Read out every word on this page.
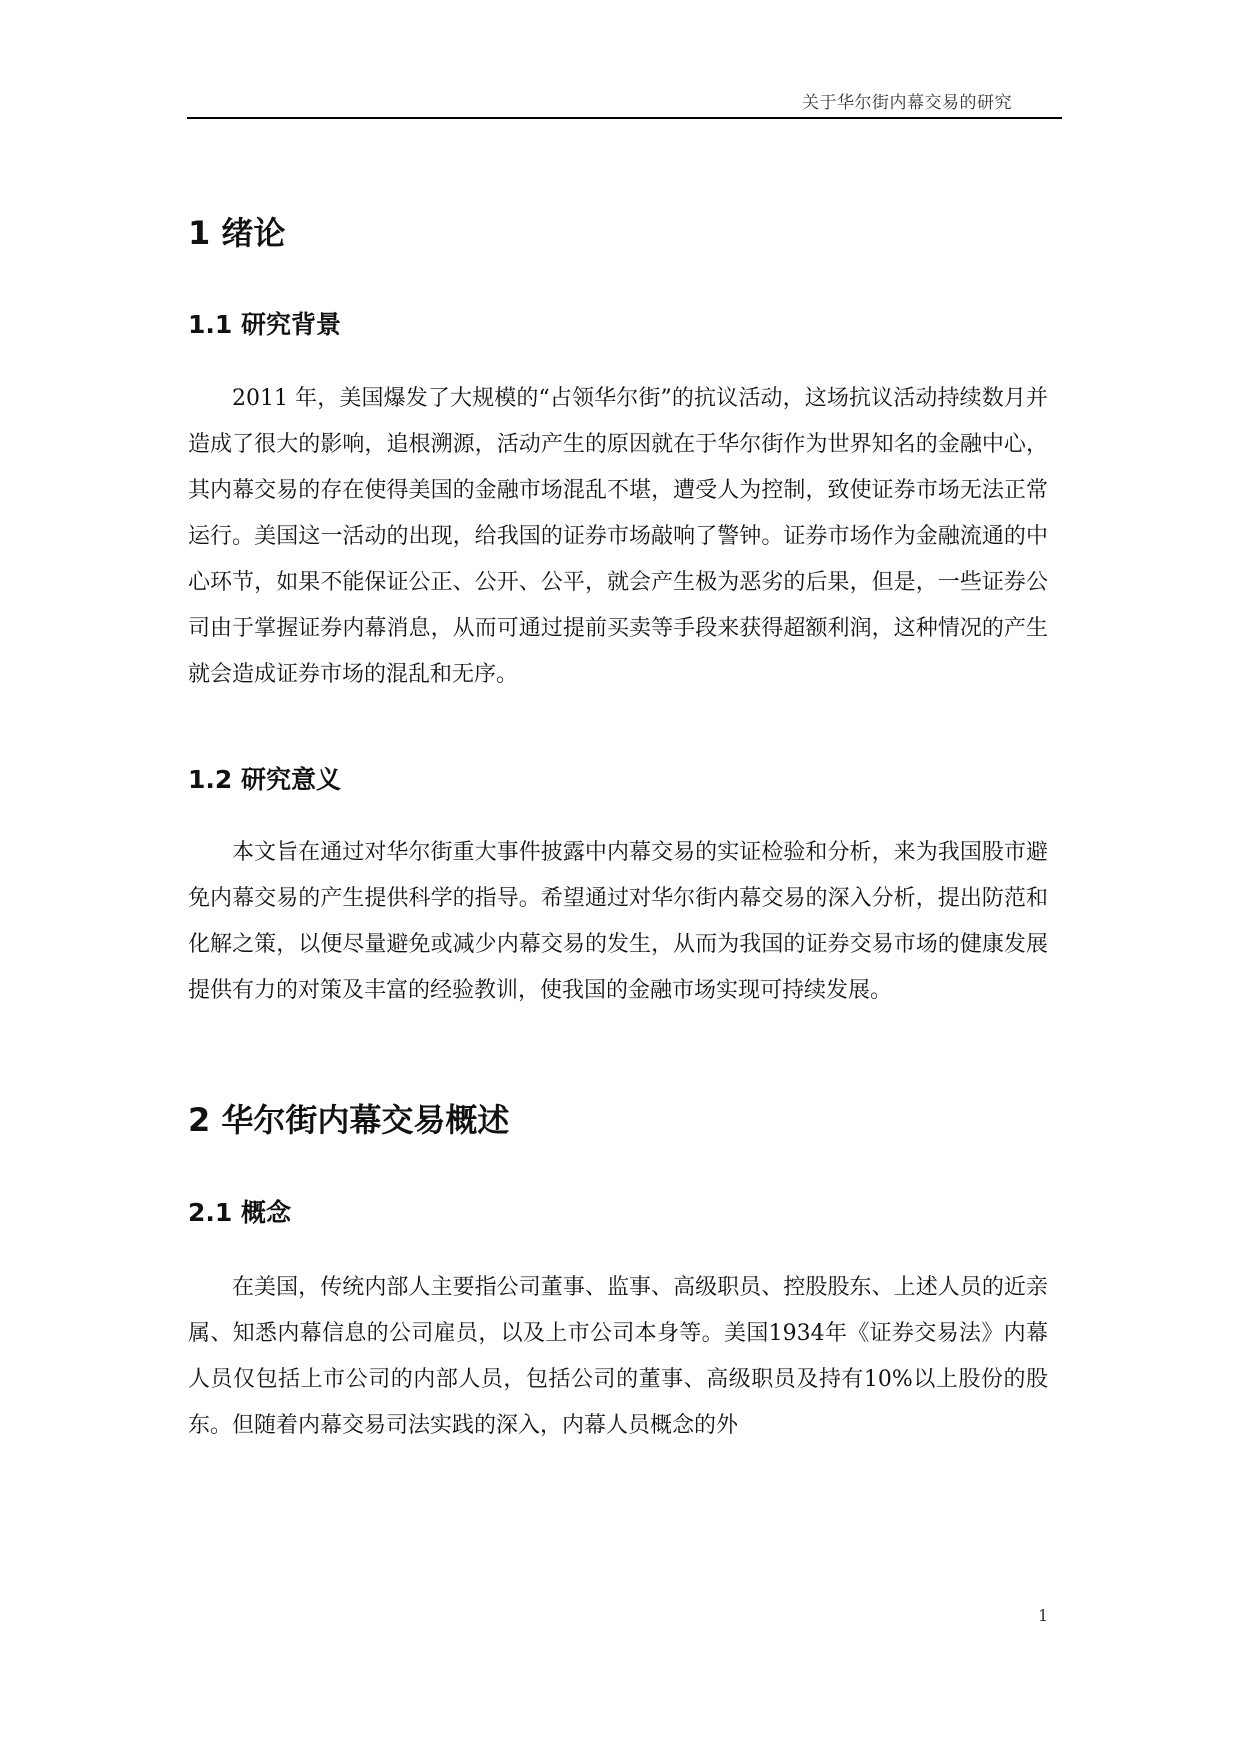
关于华尔街内幕交易的研究
1 绪论
1.1 研究背景

2011 年，美国爆发了大规模的“占领华尔街”的抗议活动，这场抗议活动持续数月并造成了很大的影响，追根溯源，活动产生的原因就在于华尔街作为世界知名的金融中心，其内幕交易的存在使得美国的金融市场混乱不堪，遭受人为控制，致使证券市场无法正常运行。美国这一活动的出现，给我国的证券市场敲响了警钟。证券市场作为金融流通的中心环节，如果不能保证公正、公开、公平，就会产生极为恶劣的后果，但是，一些证券公司由于掌握证券内幕消息，从而可通过提前买卖等手段来获得超额利润，这种情况的产生就会造成证券市场的混乱和无序。

1.2 研究意义

本文旨在通过对华尔街重大事件披露中内幕交易的实证检验和分析，来为我国股市避免内幕交易的产生提供科学的指导。希望通过对华尔街内幕交易的深入分析，提出防范和化解之策，以便尽量避免或减少内幕交易的发生，从而为我国的证券交易市场的健康发展提供有力的对策及丰富的经验教训，使我国的金融市场实现可持续发展。

2 华尔街内幕交易概述
2.1 概念

在美国，传统内部人主要指公司董事、监事、高级职员、控股股东、上述人员的近亲属、知悉内幕信息的公司雇员，以及上市公司本身等。美国1934年《证券交易法》内幕人员仅包括上市公司的内部人员，包括公司的董事、高级职员及持有10%以上股份的股东。但随着内幕交易司法实践的深入，内幕人员概念的外

1
